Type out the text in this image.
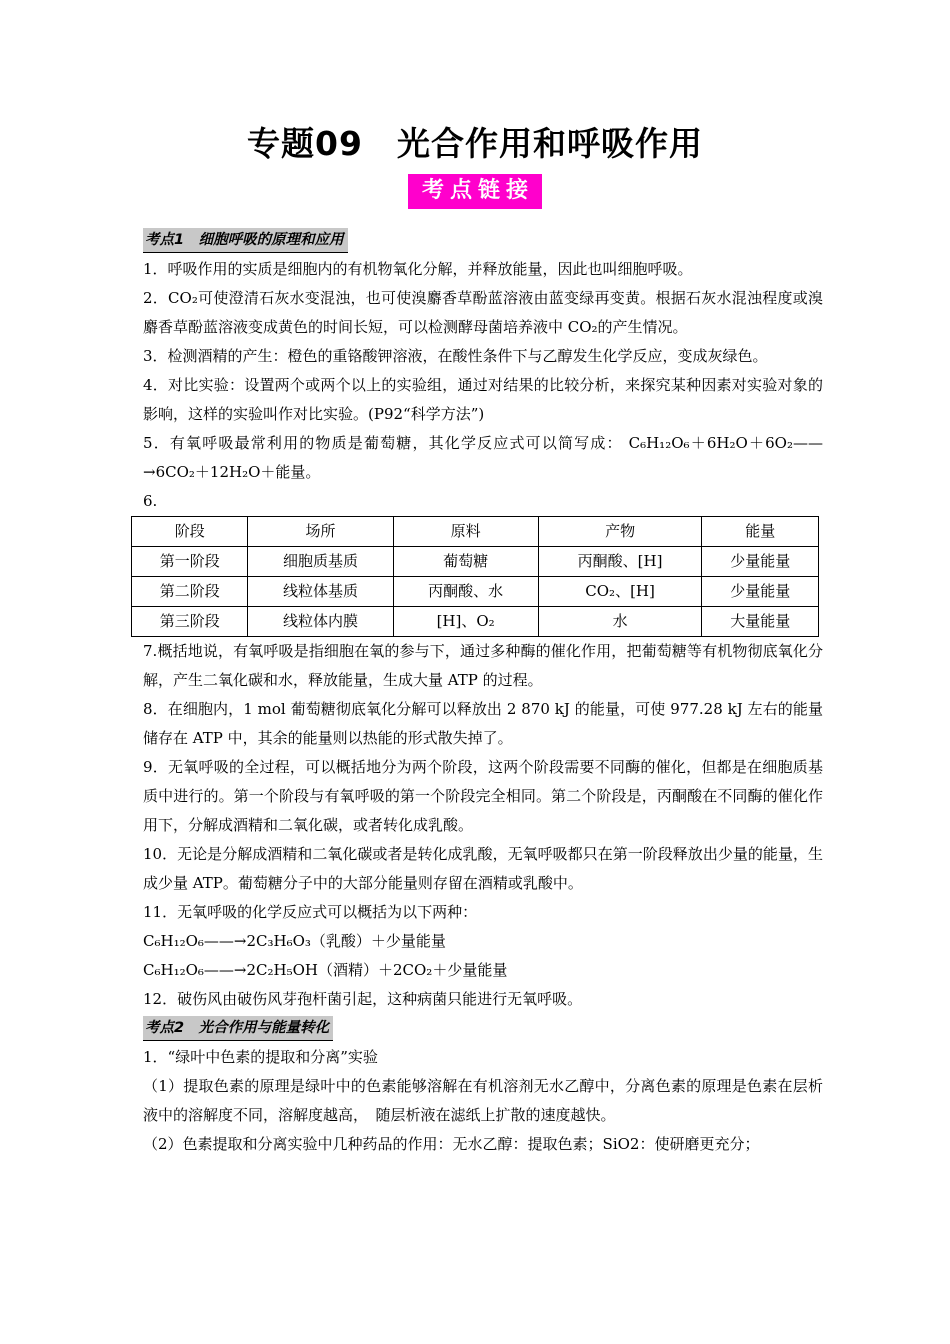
专题09　光合作用和呼吸作用
考点链接
考点1　细胞呼吸的原理和应用

1．呼吸作用的实质是细胞内的有机物氧化分解，并释放能量，因此也叫细胞呼吸。

2．CO₂可使澄清石灰水变混浊，也可使溴麝香草酚蓝溶液由蓝变绿再变黄。根据石灰水混浊程度或溴麝香草酚蓝溶液变成黄色的时间长短，可以检测酵母菌培养液中 CO₂的产生情况。

3．检测酒精的产生：橙色的重铬酸钾溶液，在酸性条件下与乙醇发生化学反应，变成灰绿色。

4．对比实验：设置两个或两个以上的实验组，通过对结果的比较分析，来探究某种因素对实验对象的影响，这样的实验叫作对比实验。(P92“科学方法”)

5．有氧呼吸最常利用的物质是葡萄糖，其化学反应式可以简写成： C₆H₁₂O₆＋6H₂O＋6O₂——→6CO₂＋12H₂O＋能量。

6.

阶段	场所	原料	产物	能量
第一阶段	细胞质基质	葡萄糖	丙酮酸、[H]	少量能量
第二阶段	线粒体基质	丙酮酸、水	CO₂、[H]	少量能量
第三阶段	线粒体内膜	[H]、O₂	水	大量能量

7.概括地说，有氧呼吸是指细胞在氧的参与下，通过多种酶的催化作用，把葡萄糖等有机物彻底氧化分解，产生二氧化碳和水，释放能量，生成大量 ATP 的过程。

8．在细胞内，1 mol 葡萄糖彻底氧化分解可以释放出 2 870 kJ 的能量，可使 977.28 kJ 左右的能量储存在 ATP 中，其余的能量则以热能的形式散失掉了。

9．无氧呼吸的全过程，可以概括地分为两个阶段，这两个阶段需要不同酶的催化，但都是在细胞质基质中进行的。第一个阶段与有氧呼吸的第一个阶段完全相同。第二个阶段是，丙酮酸在不同酶的催化作用下，分解成酒精和二氧化碳，或者转化成乳酸。

10．无论是分解成酒精和二氧化碳或者是转化成乳酸，无氧呼吸都只在第一阶段释放出少量的能量，生成少量 ATP。葡萄糖分子中的大部分能量则存留在酒精或乳酸中。

11．无氧呼吸的化学反应式可以概括为以下两种：

C₆H₁₂O₆——→2C₃H₆O₃（乳酸）＋少量能量

C₆H₁₂O₆——→2C₂H₅OH（酒精）＋2CO₂＋少量能量

12．破伤风由破伤风芽孢杆菌引起，这种病菌只能进行无氧呼吸。

考点2　光合作用与能量转化

1．“绿叶中色素的提取和分离”实验

（1）提取色素的原理是绿叶中的色素能够溶解在有机溶剂无水乙醇中，分离色素的原理是色素在层析液中的溶解度不同，溶解度越高，　随层析液在滤纸上扩散的速度越快。

（2）色素提取和分离实验中几种药品的作用：无水乙醇：提取色素；SiO2：使研磨更充分；
